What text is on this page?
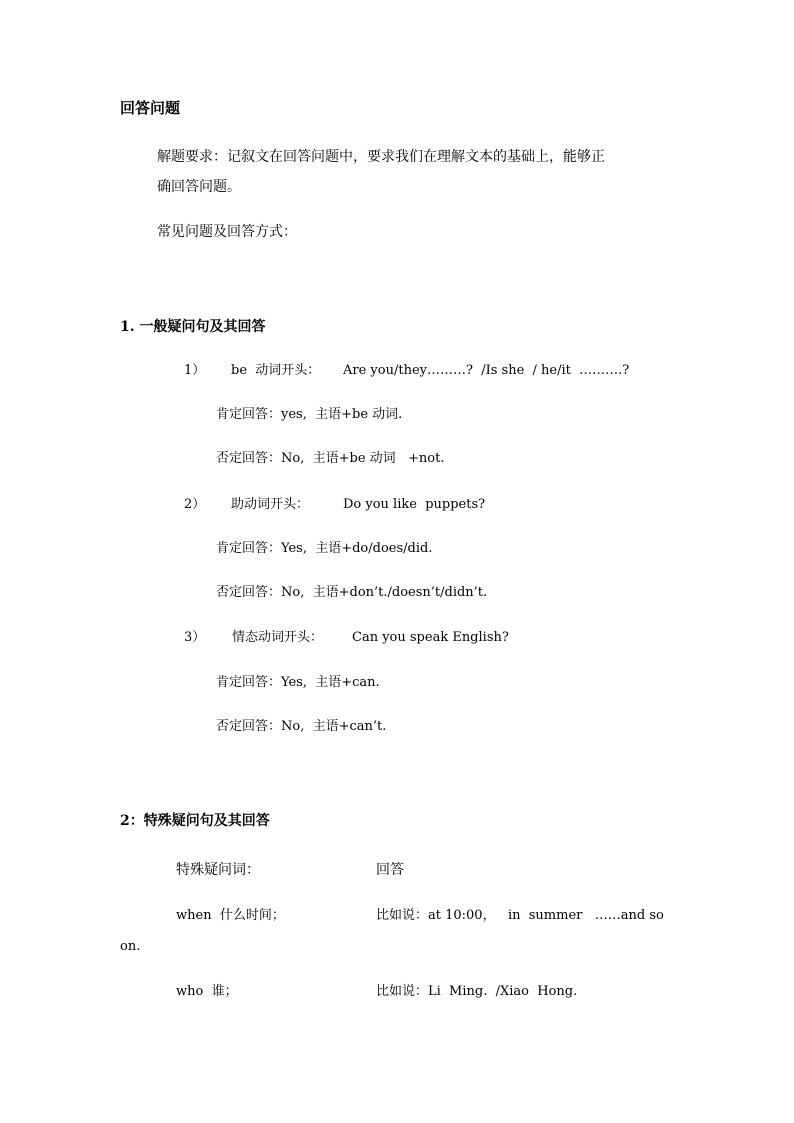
回答问题
解题要求：记叙文在回答问题中，要求我们在理解文本的基础上，能够正
确回答问题。
常见问题及回答方式：
1. 一般疑问句及其回答
1） be  动词开头： Are you/they………?  /Is she  / he/it  ……….?
肯定回答：yes,  主语+be 动词.
否定回答：No,  主语+be 动词   +not.
2） 助动词开头：	Do you like  puppets?
肯定回答：Yes,  主语+do/does/did.
否定回答：No,  主语+don’t./doesn’t/didn’t.
3） 情态动词开头： Can you speak English?
肯定回答：Yes,  主语+can.
否定回答：No,  主语+can’t.
2：特殊疑问句及其回答
特殊疑问词：	回答
when  什么时间；	比如说：at 10:00，   in  summer   ……and so
on.
who  谁；	比如说：Li  Ming.  /Xiao  Hong.
